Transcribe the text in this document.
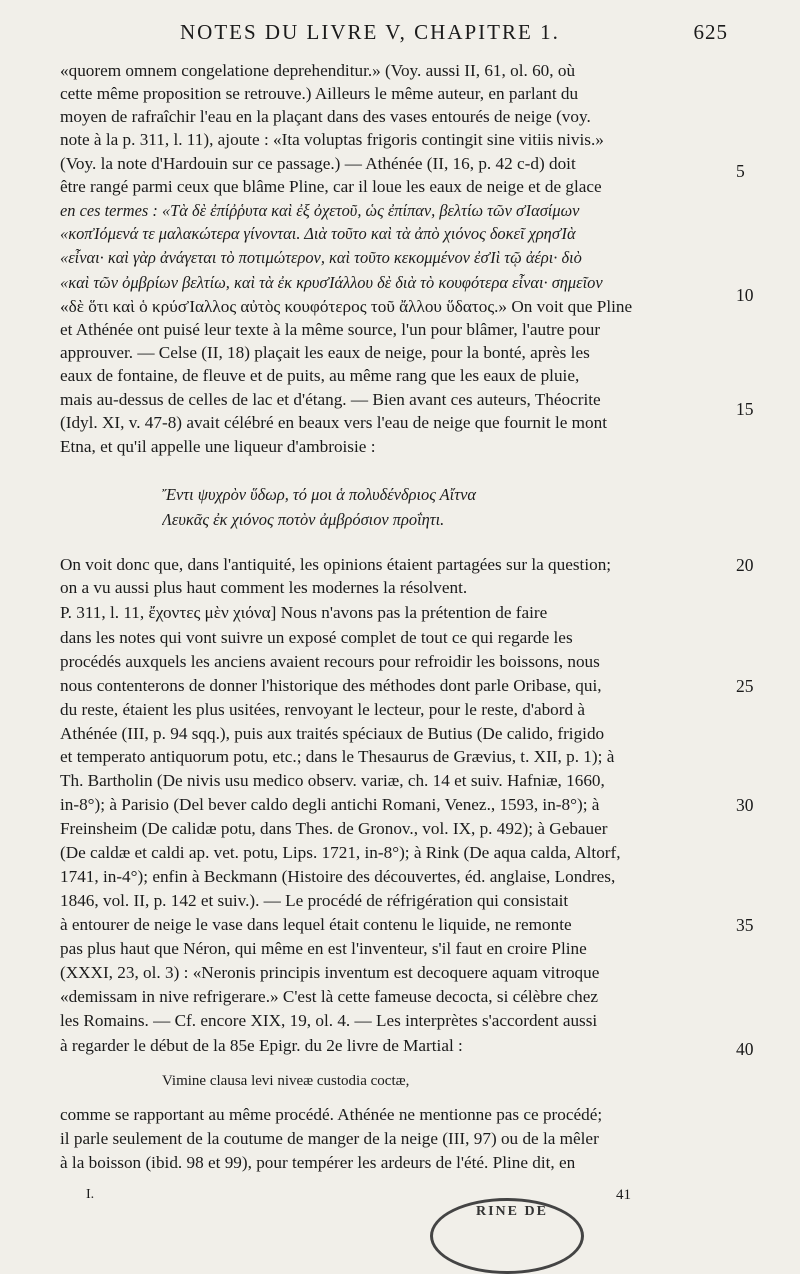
NOTES DU LIVRE V, CHAPITRE 1.	625
«quorem omnem congelatione deprehenditur.» (Voy. aussi II, 61, ol. 60, où
cette même proposition se retrouve.) Ailleurs le même auteur, en parlant du
moyen de rafraîchir l'eau en la plaçant dans des vases entourés de neige (voy.
note à la p. 311, l. 11), ajoute : «Ita voluptas frigoris contingit sine vitiis nivis.»
(Voy. la note d'Hardouin sur ce passage.) — Athénée (II, 16, p. 42 c-d) doit
être rangé parmi ceux que blâme Pline, car il loue les eaux de neige et de glace
en ces termes : «Τὰ δὲ ἐπίῤῥυτα καὶ ἐξ ὀχετοῦ, ὡς ἐπίπαν, βελτίω τῶν σἸασίμων
«κοπἸόμενά τε μαλακώτερα γίνονται. Διὰ τοῦτο καὶ τὰ ἀπὸ χιόνος δοκεῖ χρησἸὰ
«εἶναι· καὶ γὰρ ἀνάγεται τὸ ποτιμώτερον, καὶ τοῦτο κεκομμένον ἐσἸὶ τῷ ἀέρι· διὸ
«καὶ τῶν ὀμβρίων βελτίω, καὶ τὰ ἐκ κρυσἸάλλου δὲ διὰ τὸ κουφότερα εἶναι· σημεῖον
«δὲ ὅτι καὶ ὁ κρύσἸαλλος αὐτὸς κουφότερος τοῦ ἄλλου ὕδατος.» On voit que Pline
et Athénée ont puisé leur texte à la même source, l'un pour blâmer, l'autre pour
approuver. — Celse (II, 18) plaçait les eaux de neige, pour la bonté, après les
eaux de fontaine, de fleuve et de puits, au même rang que les eaux de pluie,
mais au-dessus de celles de lac et d'étang. — Bien avant ces auteurs, Théocrite
(Idyl. XI, v. 47-8) avait célébré en beaux vers l'eau de neige que fournit le mont
Etna, et qu'il appelle une liqueur d'ambroisie :
Ἔντι ψυχρὸν ὕδωρ, τό μοι ἁ πολυδένδριος Αἴτνα
Λευκᾶς ἐκ χιόνος ποτὸν ἀμβρόσιον προΐητι.
On voit donc que, dans l'antiquité, les opinions étaient partagées sur la question;
on a vu aussi plus haut comment les modernes la résolvent.
P. 311, l. 11, ἔχοντες μὲν χιόνα] Nous n'avons pas la prétention de faire
dans les notes qui vont suivre un exposé complet de tout ce qui regarde les
procédés auxquels les anciens avaient recours pour refroidir les boissons, nous
nous contenterons de donner l'historique des méthodes dont parle Oribase, qui,
du reste, étaient les plus usitées, renvoyant le lecteur, pour le reste, d'abord à
Athénée (III, p. 94 sqq.), puis aux traités spéciaux de Butius (De calido, frigido
et temperato antiquorum potu, etc.; dans le Thesaurus de Grævius, t. XII, p. 1); à
Th. Bartholin (De nivis usu medico observ. variæ, ch. 14 et suiv. Hafniæ, 1660,
in-8°); à Parisio (Del bever caldo degli antichi Romani, Venez., 1593, in-8°); à
Freinsheim (De calidæ potu, dans Thes. de Gronov., vol. IX, p. 492); à Gebauer
(De caldæ et caldi ap. vet. potu, Lips. 1721, in-8°); à Rink (De aqua calda, Altorf,
1741, in-4°); enfin à Beckmann (Histoire des découvertes, éd. anglaise, Londres,
1846, vol. II, p. 142 et suiv.). — Le procédé de réfrigération qui consistait
à entourer de neige le vase dans lequel était contenu le liquide, ne remonte
pas plus haut que Néron, qui même en est l'inventeur, s'il faut en croire Pline
(XXXI, 23, ol. 3) : «Neronis principis inventum est decoquere aquam vitroque
«demissam in nive refrigerare.» C'est là cette fameuse decocta, si célèbre chez
les Romains. — Cf. encore XIX, 19, ol. 4. — Les interprètes s'accordent aussi
à regarder le début de la 85e Epigr. du 2e livre de Martial :
Vimine clausa levi niveæ custodia coctæ,
comme se rapportant au même procédé. Athénée ne mentionne pas ce procédé;
il parle seulement de la coutume de manger de la neige (III, 97) ou de la mêler
à la boisson (ibid. 98 et 99), pour tempérer les ardeurs de l'été. Pline dit, en
5
10
15
20
25
30
35
40
I.	41
RINE DE
